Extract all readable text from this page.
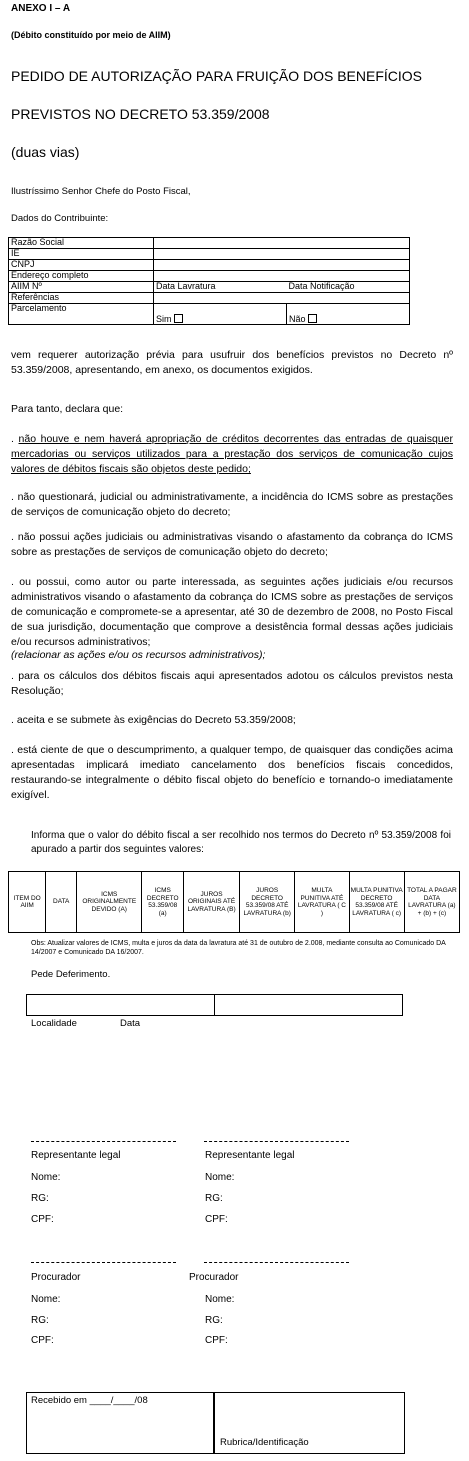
ANEXO I – A
(Débito constituído por meio de AIIM)
PEDIDO DE AUTORIZAÇÃO PARA FRUIÇÃO DOS BENEFÍCIOS
PREVISTOS NO DECRETO 53.359/2008
(duas vias)
Ilustríssimo Senhor Chefe do Posto Fiscal,
Dados do Contribuinte:
Razão Social		
IE		
CNPJ		
Endereço completo		
AIIM Nº	Data Lavratura	Data Notificação
Referências		
Parcelamento	Sim	Não
vem requerer autorização prévia para usufruir dos benefícios previstos no Decreto nº 53.359/2008, apresentando, em anexo, os documentos exigidos.
Para tanto, declara que:
. não houve e nem haverá apropriação de créditos decorrentes das entradas de quaisquer mercadorias ou serviços utilizados para a prestação dos serviços de comunicação cujos valores de débitos fiscais são objetos deste pedido;
. não questionará, judicial ou administrativamente, a incidência do ICMS sobre as prestações de serviços de comunicação objeto do decreto;
. não possui ações judiciais ou administrativas visando o afastamento da cobrança do ICMS sobre as prestações de serviços de comunicação objeto do decreto;
. ou possui, como autor ou parte interessada, as seguintes ações judiciais e/ou recursos administrativos visando o afastamento da cobrança do ICMS sobre as prestações de serviços de comunicação e compromete-se a apresentar, até 30 de dezembro de 2008, no Posto Fiscal de sua jurisdição, documentação que comprove a desistência formal dessas ações judiciais e/ou recursos administrativos;
(relacionar as ações e/ou os recursos administrativos);
. para os cálculos dos débitos fiscais aqui apresentados adotou os cálculos previstos nesta Resolução;
. aceita e se submete às exigências do Decreto 53.359/2008;
. está ciente de que o descumprimento, a qualquer tempo, de quaisquer das condições acima apresentadas implicará imediato cancelamento dos benefícios fiscais concedidos, restaurando-se integralmente o débito fiscal objeto do benefício e tornando-o imediatamente exigível.
Informa que o valor do débito fiscal a ser recolhido nos termos do Decreto nº 53.359/2008 foi apurado a partir dos seguintes valores:
ITEM DO AIIM	DATA	ICMS ORIGINALMENTE DEVIDO (A)	ICMS DECRETO 53.359/08 (a)	JUROS ORIGINAIS ATÉ LAVRATURA (B)	JUROS DECRETO 53.359/08 ATÉ LAVRATURA (b)	MULTA PUNITIVA ATÉ LAVRATURA ( C )	MULTA PUNITIVA DECRETO 53.359/08 ATÉ LAVRATURA ( c)	TOTAL A PAGAR DATA LAVRATURA (a) + (b) + (c)
Obs: Atualizar valores de ICMS, multa e juros da data da lavratura até 31 de outubro de 2.008, mediante consulta ao Comunicado DA 14/2007 e Comunicado DA 16/2007.
Pede Deferimento.
Localidade	Data
Representante legal	Representante legal
Nome:	Nome:
RG:	RG:
CPF:	CPF:
Procurador	Procurador
Nome:	Nome:
RG:	RG:
CPF:	CPF:
Recebido em ____/____/08
Rubrica/Identificação
